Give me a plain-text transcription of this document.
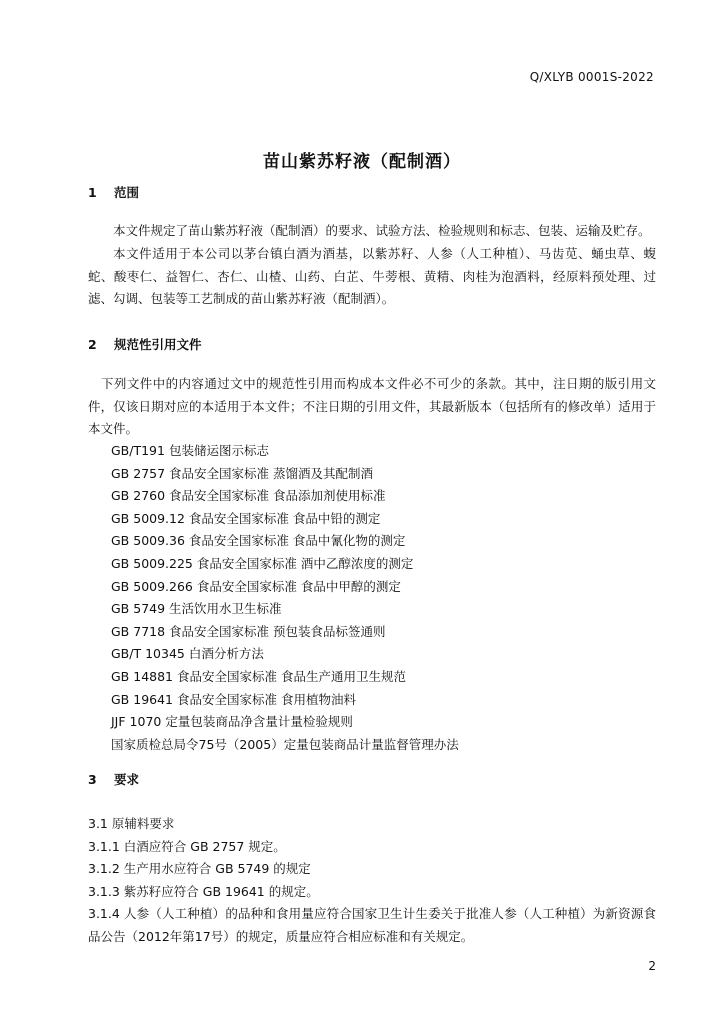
Q/XLYB 0001S-2022
苗山紫苏籽液（配制酒）
1 范围

本文件规定了苗山紫苏籽液（配制酒）的要求、试验方法、检验规则和标志、包装、运输及贮存。

本文件适用于本公司以茅台镇白酒为酒基，以紫苏籽、人参（人工种植）、马齿苋、蛹虫草、蝮蛇、酸枣仁、益智仁、杏仁、山楂、山药、白芷、牛蒡根、黄精、肉桂为泡酒料，经原料预处理、过滤、勾调、包装等工艺制成的苗山紫苏籽液（配制酒）。

2 规范性引用文件

下列文件中的内容通过文中的规范性引用而构成本文件必不可少的条款。其中，注日期的版引用文件，仅该日期对应的本适用于本文件；不注日期的引用文件，其最新版本（包括所有的修改单）适用于本文件。

GB/T191 包装储运图示标志
GB 2757 食品安全国家标准 蒸馏酒及其配制酒
GB 2760 食品安全国家标准 食品添加剂使用标准
GB 5009.12 食品安全国家标准 食品中铅的测定
GB 5009.36 食品安全国家标准 食品中氰化物的测定
GB 5009.225 食品安全国家标准 酒中乙醇浓度的测定
GB 5009.266 食品安全国家标准 食品中甲醇的测定
GB 5749 生活饮用水卫生标准
GB 7718 食品安全国家标准 预包装食品标签通则
GB/T 10345 白酒分析方法
GB 14881 食品安全国家标准 食品生产通用卫生规范
GB 19641 食品安全国家标准 食用植物油料
JJF 1070 定量包装商品净含量计量检验规则
国家质检总局令75号（2005）定量包装商品计量监督管理办法
3 要求
3.1 原辅料要求
3.1.1 白酒应符合 GB 2757 规定。
3.1.2 生产用水应符合 GB 5749 的规定
3.1.3 紫苏籽应符合 GB 19641 的规定。

3.1.4 人参（人工种植）的品种和食用量应符合国家卫生计生委关于批准人参（人工种植）为新资源食品公告（2012年第17号）的规定，质量应符合相应标准和有关规定。

2
